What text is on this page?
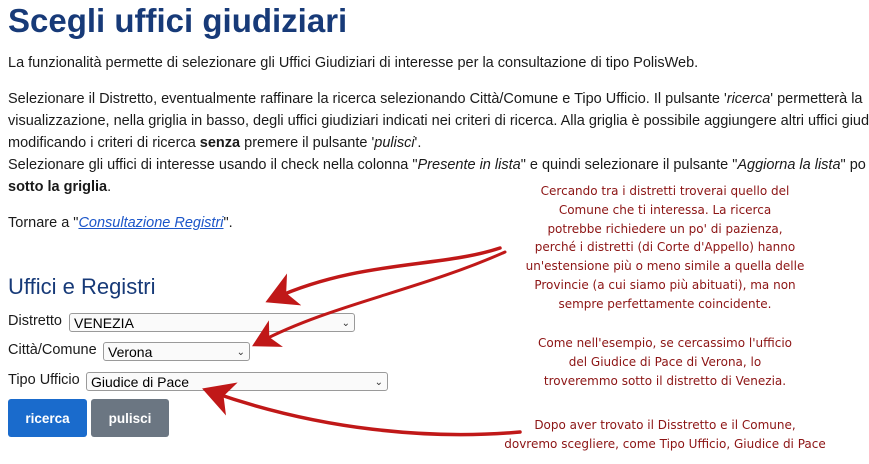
Scegli uffici giudiziari

La funzionalità permette di selezionare gli Uffici Giudiziari di interesse per la consultazione di tipo PolisWeb.

Selezionare il Distretto, eventualmente raffinare la ricerca selezionando Città/Comune e Tipo Ufficio. Il pulsante 'ricerca' permetterà la
visualizzazione, nella griglia in basso, degli uffici giudiziari indicati nei criteri di ricerca. Alla griglia è possibile aggiungere altri uffici giud
modificando i criteri di ricerca senza premere il pulsante 'pulisci'.
Selezionare gli uffici di interesse usando il check nella colonna "Presente in lista" e quindi selezionare il pulsante "Aggiorna la lista" po

sotto la griglia.

Tornare a "Consultazione Registri".

Uffici e Registri
Distretto VENEZIA	⌄
Città/Comune Verona	⌄
Tipo Ufficio Giudice di Pace	⌄
ricerca	pulisci
Cercando tra i distretti troverai quello del
Comune che ti interessa. La ricerca
potrebbe richiedere un po' di pazienza,
perché i distretti (di Corte d'Appello) hanno
un'estensione più o meno simile a quella delle
Provincie (a cui siamo più abituati), ma non
sempre perfettamente coincidente.
Come nell'esempio, se cercassimo l'ufficio
del Giudice di Pace di Verona, lo
troveremmo sotto il distretto di Venezia.
Dopo aver trovato il Disstretto e il Comune,
dovremo scegliere, come Tipo Ufficio, Giudice di Pace
